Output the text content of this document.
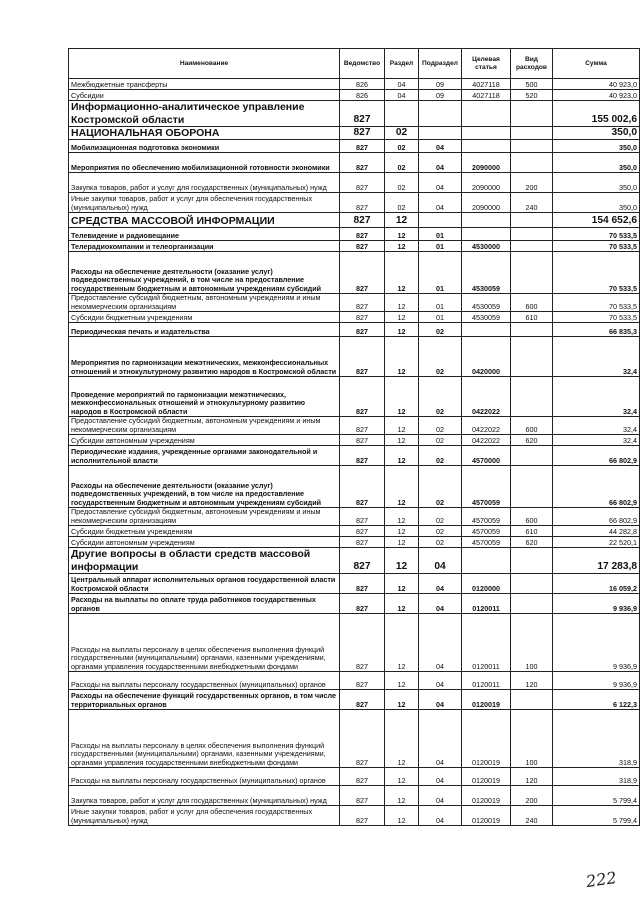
Наименование	Ведомство	Раздел	Подраздел	Целевая статья	Вид расходов	Сумма
Межбюджетные трансферты	826	04	09	4027118	500	40 923,0
Субсидии	826	04	09	4027118	520	40 923,0
Информационно-аналитическое управление Костромской области	827					155 002,6
НАЦИОНАЛЬНАЯ ОБОРОНА	827	02				350,0
Мобилизационная подготовка экономики	827	02	04			350,0
Мероприятия по обеспечению мобилизационной готовности экономики	827	02	04	2090000		350,0
Закупка товаров, работ и услуг для государственных (муниципальных) нужд	827	02	04	2090000	200	350,0
Иные закупки товаров, работ и услуг для обеспечения государственных (муниципальных) нужд	827	02	04	2090000	240	350,0
СРЕДСТВА МАССОВОЙ ИНФОРМАЦИИ	827	12				154 652,6
Телевидение и радиовещание	827	12	01			70 533,5
Телерадиокомпании и телеорганизации	827	12	01	4530000		70 533,5
Расходы на обеспечение деятельности (оказание услуг) подведомственных учреждений, в том числе на предоставление государственным бюджетным и автономным учреждениям субсидий	827	12	01	4530059		70 533,5
Предоставление субсидий бюджетным, автономным учреждениям и иным некоммерческим организациям	827	12	01	4530059	600	70 533,5
Субсидии бюджетным учреждениям	827	12	01	4530059	610	70 533,5
Периодическая печать и издательства	827	12	02			66 835,3
Мероприятия по гармонизации межэтнических, межконфессиональных отношений и этнокультурному развитию народов в Костромской области	827	12	02	0420000		32,4
Проведение мероприятий по гармонизации межэтнических, межконфессиональных отношений и этнокультурному развитию народов в Костромской области	827	12	02	0422022		32,4
Предоставление субсидий бюджетным, автономным учреждениям и иным некоммерческим организациям	827	12	02	0422022	600	32,4
Субсидии автономным учреждениям	827	12	02	0422022	620	32,4
Периодические издания, учрежденные органами законодательной и исполнительной власти	827	12	02	4570000		66 802,9
Расходы на обеспечение деятельности (оказание услуг) подведомственных учреждений, в том числе на предоставление государственным бюджетным и автономным учреждениям субсидий	827	12	02	4570059		66 802,9
Предоставление субсидий бюджетным, автономным учреждениям и иным некоммерческим организациям	827	12	02	4570059	600	66 802,9
Субсидии бюджетным учреждениям	827	12	02	4570059	610	44 282,8
Субсидии автономным учреждениям	827	12	02	4570059	620	22 520,1
Другие вопросы в области средств массовой информации	827	12	04			17 283,8
Центральный аппарат исполнительных органов государственной власти Костромской области	827	12	04	0120000		16 059,2
Расходы на выплаты по оплате труда работников государственных органов	827	12	04	0120011		9 936,9
Расходы на выплаты персоналу в целях обеспечения выполнения функций государственными (муниципальными) органами, казенными учреждениями, органами управления государственными внебюджетными фондами	827	12	04	0120011	100	9 936,9
Расходы на выплаты персоналу государственных (муниципальных) органов	827	12	04	0120011	120	9 936,9
Расходы на обеспечение функций государственных органов, в том числе территориальных органов	827	12	04	0120019		6 122,3
Расходы на выплаты персоналу в целях обеспечения выполнения функций государственными (муниципальными) органами, казенными учреждениями, органами управления государственными внебюджетными фондами	827	12	04	0120019	100	318,9
Расходы на выплаты персоналу государственных (муниципальных) органов	827	12	04	0120019	120	318,9
Закупка товаров, работ и услуг для государственных (муниципальных) нужд	827	12	04	0120019	200	5 799,4
Иные закупки товаров, работ и услуг для обеспечения государственных (муниципальных) нужд	827	12	04	0120019	240	5 799,4
222
